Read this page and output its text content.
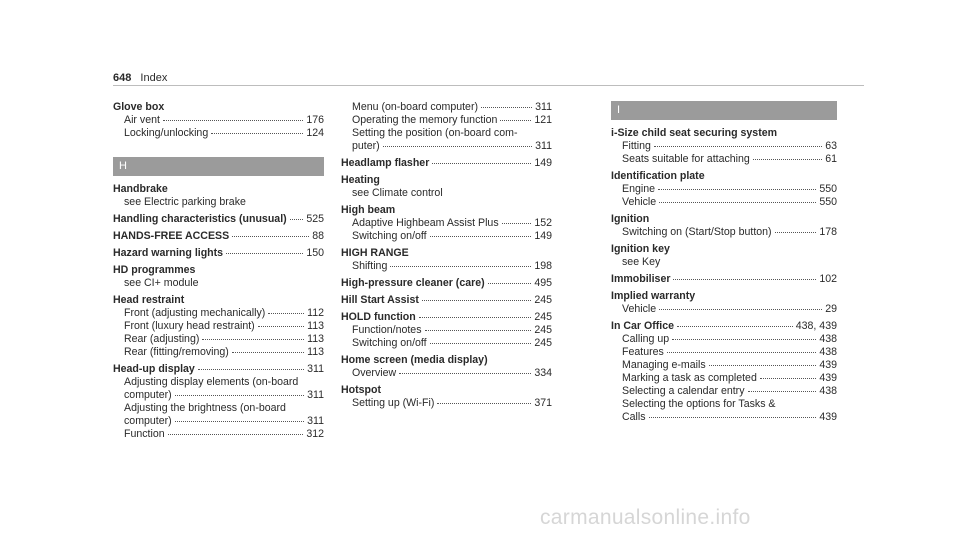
648 Index
Glove box
Air vent	176
Locking/unlocking	124
H
Handbrake
see Electric parking brake
Handling characteristics (unusual) 525
HANDS-FREE ACCESS	88
Hazard warning lights	150
HD programmes
see CI+ module
Head restraint
Front (adjusting mechanically)	112
Front (luxury head restraint)	113
Rear (adjusting)	113
Rear (fitting/removing)	113
Head-up display	311
Adjusting display elements (on-board
computer)	311
Adjusting the brightness (on-board
computer)	311
Function	312
Menu (on-board computer)	311
Operating the memory function	121
Setting the position (on-board com-
puter)	311
Headlamp flasher	149
Heating
see Climate control
High beam
Adaptive Highbeam Assist Plus	152
Switching on/off	149
HIGH RANGE
Shifting	198
High-pressure cleaner (care)	495
Hill Start Assist	245
HOLD function	245
Function/notes	245
Switching on/off	245
Home screen (media display)
Overview	334
Hotspot
Setting up (Wi-Fi)	371
I
i-Size child seat securing system
Fitting	63
Seats suitable for attaching	61
Identification plate
Engine	550
Vehicle	550
Ignition
Switching on (Start/Stop button)	178
Ignition key
see Key
Immobiliser	102
Implied warranty
Vehicle	29
In Car Office	438, 439
Calling up	438
Features	438
Managing e-mails	439
Marking a task as completed	439
Selecting a calendar entry	438
Selecting the options for Tasks &
Calls	439
carmanualsonline.info
